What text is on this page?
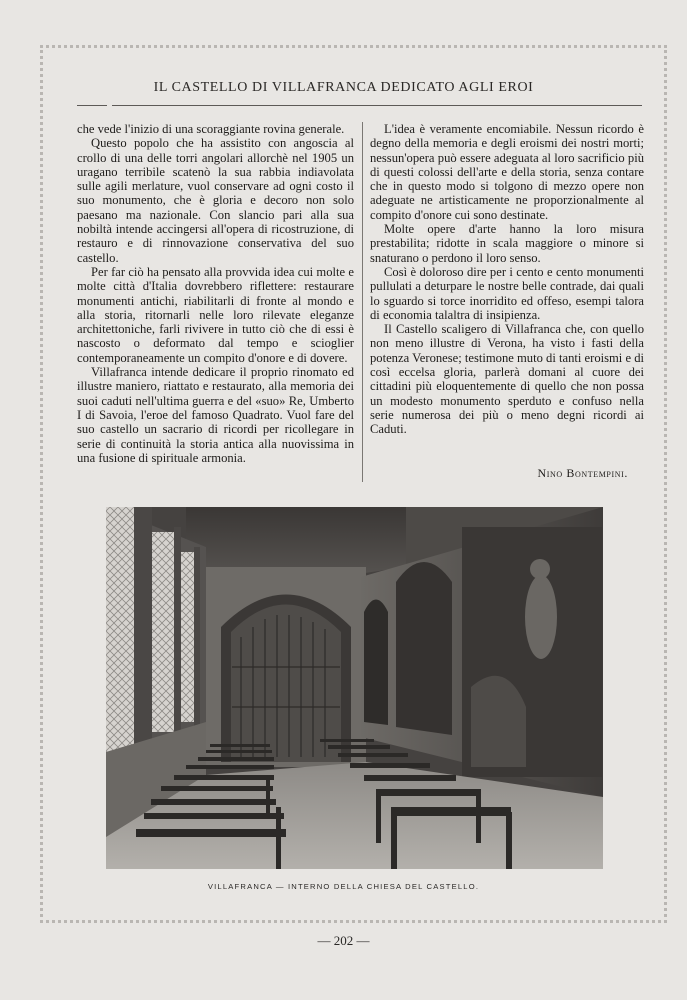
IL CASTELLO DI VILLAFRANCA DEDICATO AGLI EROI

che vede l'inizio di una scoraggiante rovina generale.

Questo popolo che ha assistito con angoscia al crollo di una delle torri angolari allorchè nel 1905 un uragano terribile scatenò la sua rabbia indiavolata sulle agili merlature, vuol conservare ad ogni costo il suo monumento, che è gloria e decoro non solo paesano ma nazionale. Con slancio pari alla sua nobiltà intende accingersi all'opera di ricostruzione, di restauro e di rinnovazione conservativa del suo castello.

Per far ciò ha pensato alla provvida idea cui molte e molte città d'Italia dovrebbero riflettere: restaurare monumenti antichi, riabilitarli di fronte al mondo e alla storia, ritornarli nelle loro rilevate eleganze architettoniche, farli rivivere in tutto ciò che di essi è nascosto o deformato dal tempo e scioglier contemporaneamente un compito d'onore e di dovere.

Villafranca intende dedicare il proprio rinomato ed illustre maniero, riattato e restaurato, alla memoria dei suoi caduti nell'ultima guerra e del «suo» Re, Umberto I di Savoia, l'eroe del famoso Quadrato. Vuol fare del suo castello un sacrario di ricordi per ricollegare in serie di continuità la storia antica alla nuovissima in una fusione di spirituale armonia.

L'idea è veramente encomiabile. Nessun ricordo è degno della memoria e degli eroismi dei nostri morti; nessun'opera può essere adeguata al loro sacrificio più di questi colossi dell'arte e della storia, senza contare che in questo modo si tolgono di mezzo opere non adeguate ne artisticamente ne proporzionalmente al compito d'onore cui sono destinate.

Molte opere d'arte hanno la loro misura prestabilita; ridotte in scala maggiore o minore si snaturano o perdono il loro senso.

Così è doloroso dire per i cento e cento monumenti pullulati a deturpare le nostre belle contrade, dai quali lo sguardo si torce inorridito ed offeso, esempi talora di economia talaltra di insipienza.

Il Castello scaligero di Villafranca che, con quello non meno illustre di Verona, ha visto i fasti della potenza Veronese; testimone muto di tanti eroismi e di così eccelsa gloria, parlerà domani al cuore dei cittadini più eloquentemente di quello che non possa un modesto monumento sperduto e confuso nella serie numerosa dei più o meno degni ricordi ai Caduti.

Nino Bontempini.
VILLAFRANCA — INTERNO DELLA CHIESA DEL CASTELLO.
— 202 —
